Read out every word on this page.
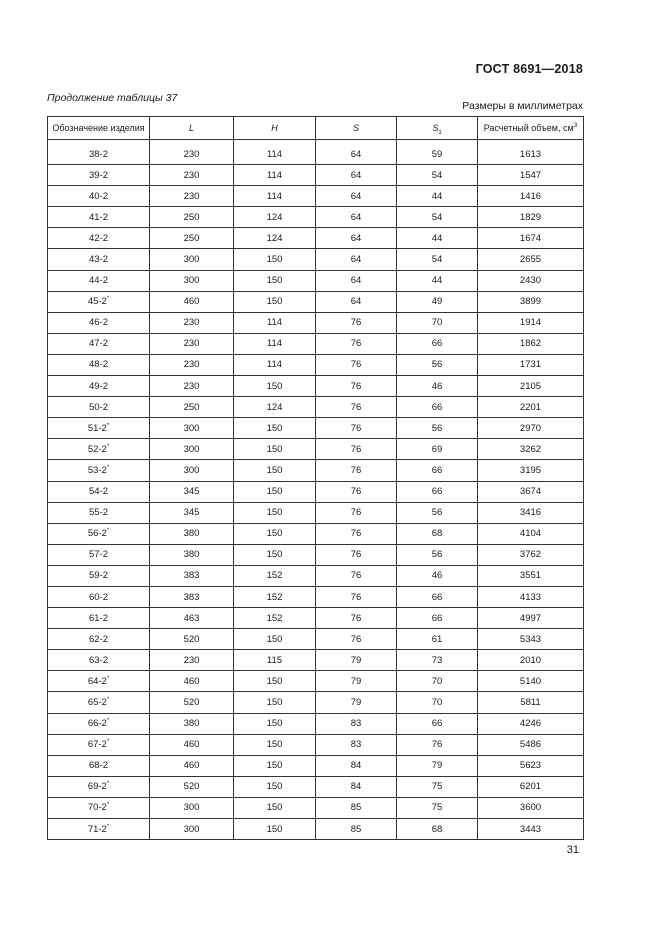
ГОСТ 8691—2018
Продолжение таблицы 37
Размеры в миллиметрах
Обозначение изделия	L	H	S	$S_1$	Расчетный объем, $см^3$
38-2	230	114	64	59	1613
39-2	230	114	64	54	1547
40-2	230	114	64	44	1416
41-2	250	124	64	54	1829
42-2	250	124	64	44	1674
43-2	300	150	64	54	2655
44-2	300	150	64	44	2430
45-2*	460	150	64	49	3899
46-2	230	114	76	70	1914
47-2	230	114	76	66	1862
48-2	230	114	76	56	1731
49-2	230	150	76	46	2105
50-2	250	124	76	66	2201
51-2*	300	150	76	56	2970
52-2*	300	150	76	69	3262
53-2*	300	150	76	66	3195
54-2	345	150	76	66	3674
55-2	345	150	76	56	3416
56-2*	380	150	76	68	4104
57-2	380	150	76	56	3762
59-2	383	152	76	46	3551
60-2	383	152	76	66	4133
61-2	463	152	76	66	4997
62-2	520	150	76	61	5343
63-2	230	115	79	73	2010
64-2*	460	150	79	70	5140
65-2*	520	150	79	70	5811
66-2*	380	150	83	66	4246
67-2*	460	150	83	76	5486
68-2	460	150	84	79	5623
69-2*	520	150	84	75	6201
70-2*	300	150	85	75	3600
71-2*	300	150	85	68	3443
31
